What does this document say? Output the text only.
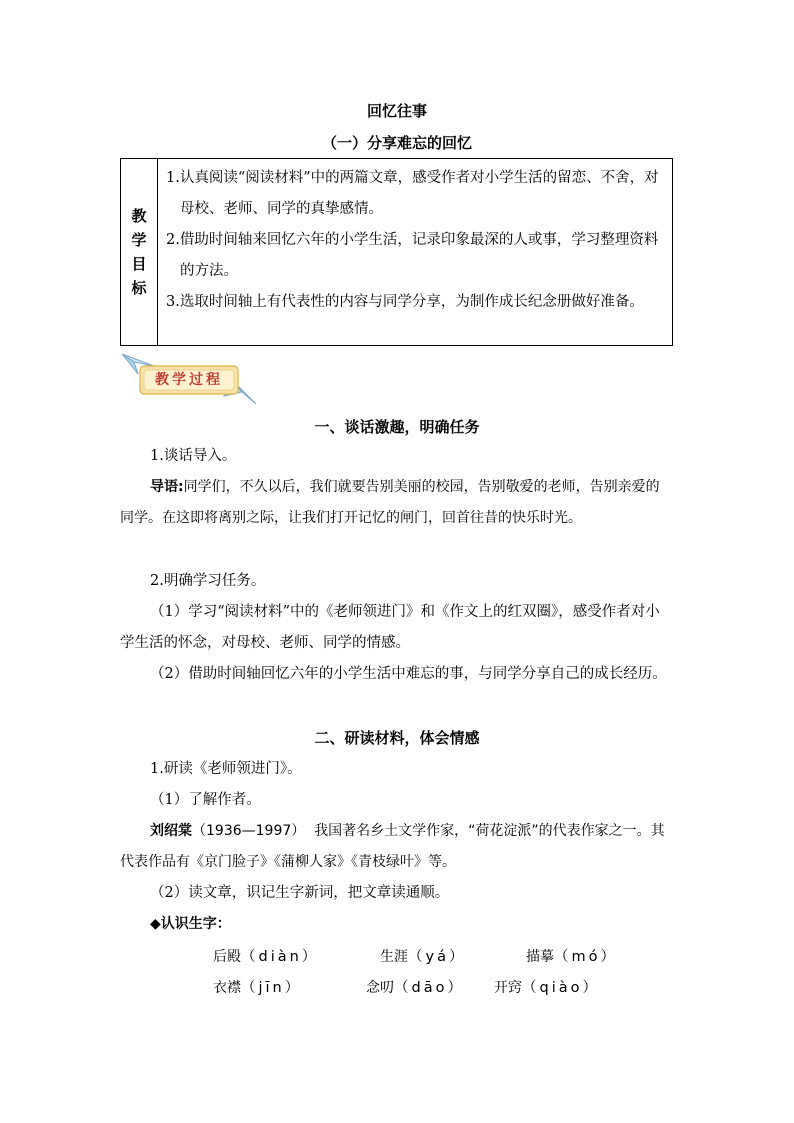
回忆往事
（一）分享难忘的回忆
教
学
目
标

1.认真阅读“阅读材料”中的两篇文章，感受作者对小学生活的留恋、不舍，对母校、老师、同学的真挚感情。
2.借助时间轴来回忆六年的小学生活，记录印象最深的人或事，学习整理资料的方法。
3.选取时间轴上有代表性的内容与同学分享，为制作成长纪念册做好准备。
教学过程
一、谈话激趣，明确任务
1.谈话导入。
导语:同学们，不久以后，我们就要告别美丽的校园，告别敬爱的老师，告别亲爱的同学。在这即将离别之际，让我们打开记忆的闸门，回首往昔的快乐时光。
2.明确学习任务。
（1）学习“阅读材料”中的《老师领进门》和《作文上的红双圈》，感受作者对小学生活的怀念，对母校、老师、同学的情感。
（2）借助时间轴回忆六年的小学生活中难忘的事，与同学分享自己的成长经历。
二、研读材料，体会情感
1.研读《老师领进门》。
（1）了解作者。
刘绍棠（1936—1997） 我国著名乡土文学作家，“荷花淀派”的代表作家之一。其代表作品有《京门脸子》《蒲柳人家》《青枝绿叶》等。
（2）读文章，识记生字新词，把文章读通顺。
◆认识生字：
后殿（diàn）	生涯（yá）	描摹（mó）
衣襟（jīn）	念叨（dāo） 开窍（qiào）
